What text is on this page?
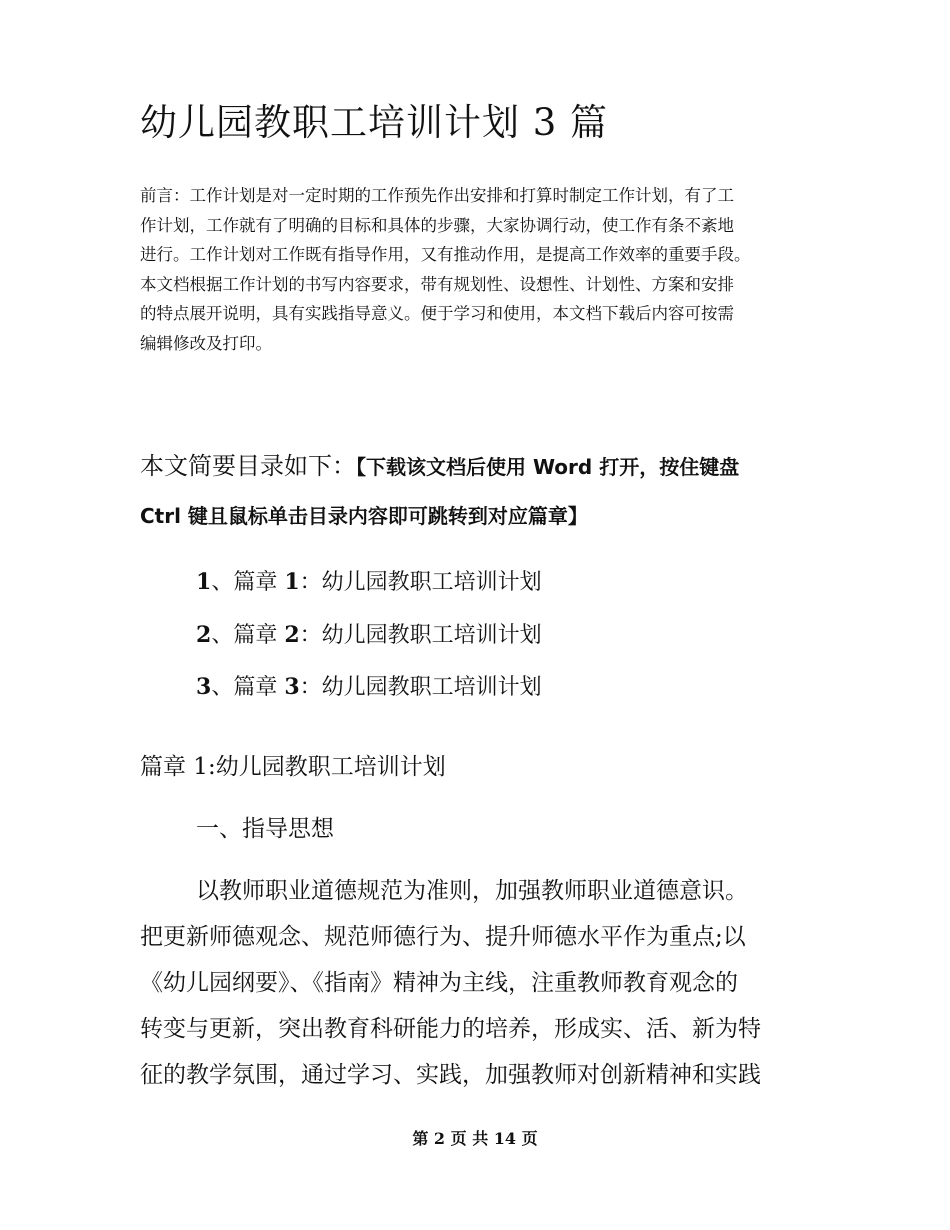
幼儿园教职工培训计划 3 篇
前言：工作计划是对一定时期的工作预先作出安排和打算时制定工作计划，有了工
作计划，工作就有了明确的目标和具体的步骤，大家协调行动，使工作有条不紊地
进行。工作计划对工作既有指导作用，又有推动作用，是提高工作效率的重要手段。
本文档根据工作计划的书写内容要求，带有规划性、设想性、计划性、方案和安排
的特点展开说明，具有实践指导意义。便于学习和使用，本文档下载后内容可按需
编辑修改及打印。
本文简要目录如下：【下载该文档后使用 Word 打开，按住键盘
Ctrl 键且鼠标单击目录内容即可跳转到对应篇章】
1、篇章 1：幼儿园教职工培训计划
2、篇章 2：幼儿园教职工培训计划
3、篇章 3：幼儿园教职工培训计划
篇章 1:幼儿园教职工培训计划
一、指导思想
以教师职业道德规范为准则，加强教师职业道德意识。
把更新师德观念、规范师德行为、提升师德水平作为重点;以
《幼儿园纲要》、《指南》精神为主线，注重教师教育观念的
转变与更新，突出教育科研能力的培养，形成实、活、新为特
征的教学氛围，通过学习、实践，加强教师对创新精神和实践
第 2 页 共 14 页
